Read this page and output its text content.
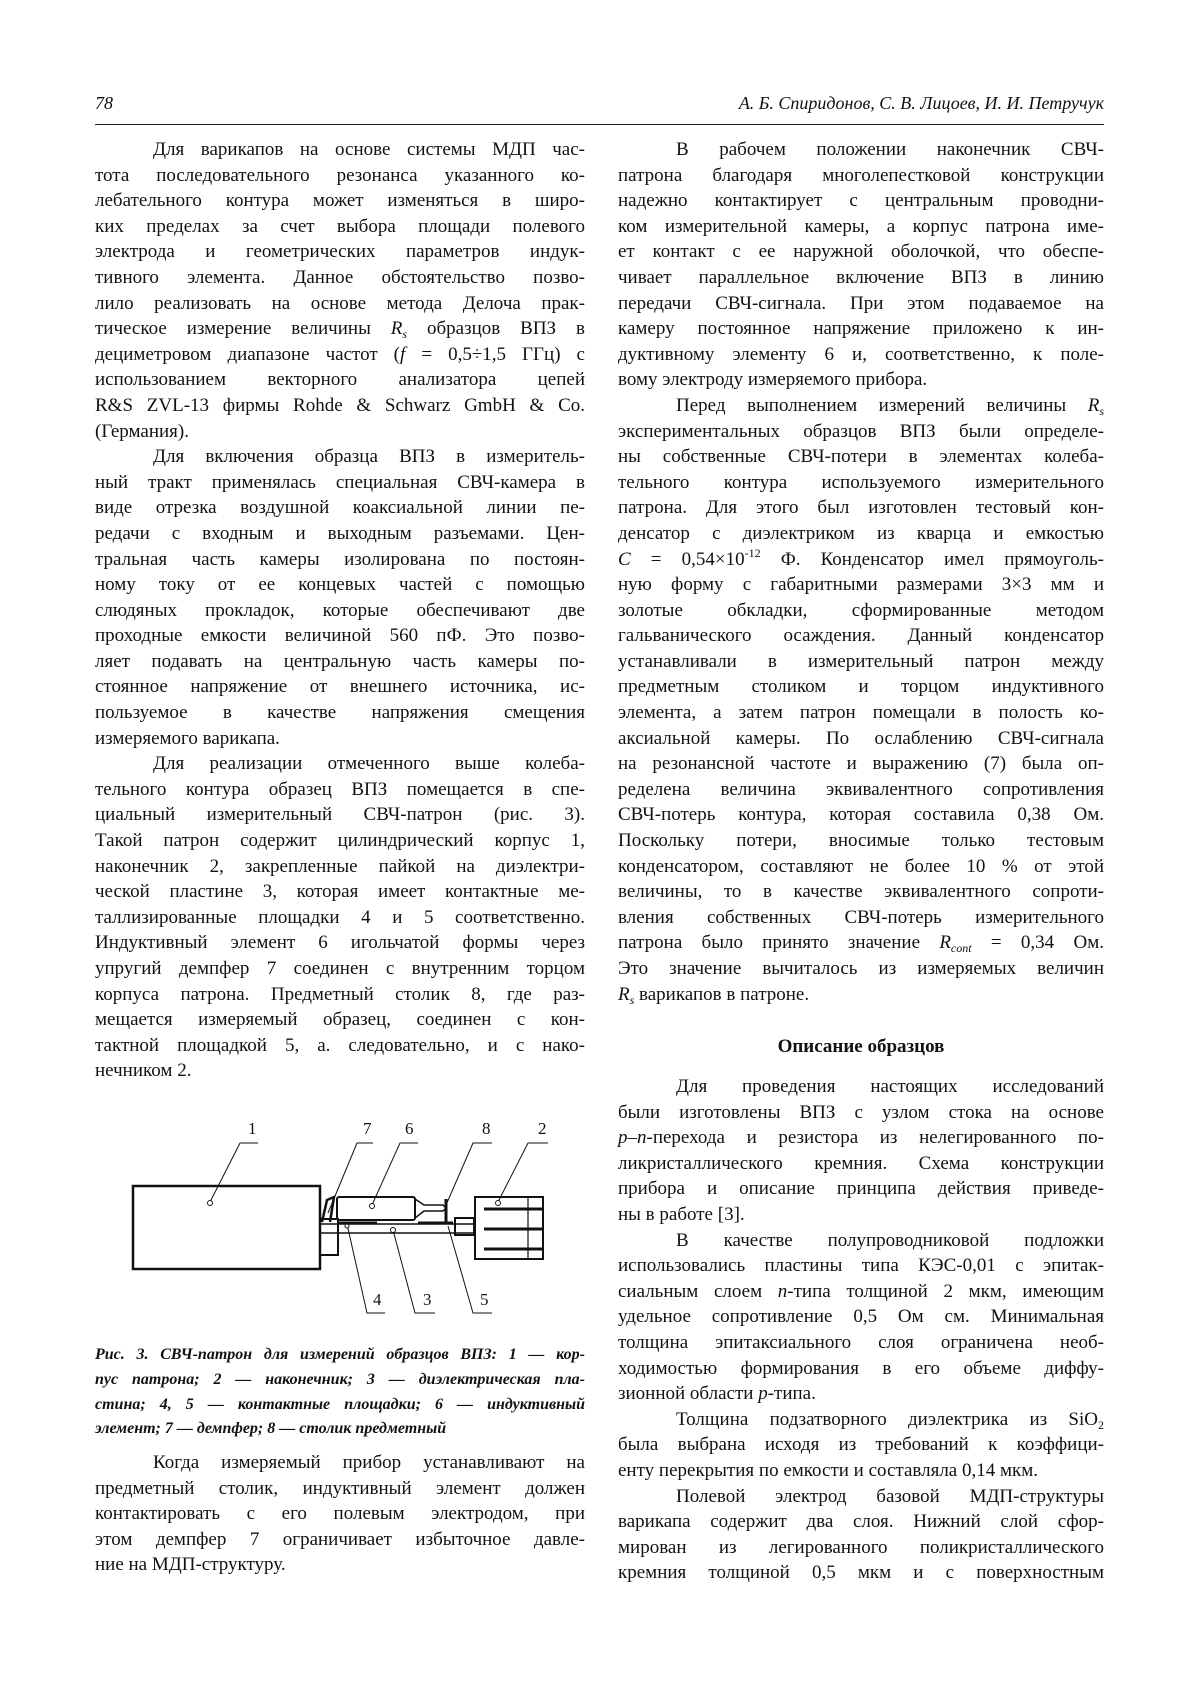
78	А. Б. Спиридонов, С. В. Лицоев, И. И. Петручук
Для варикапов на основе системы МДП час-
тота последовательного резонанса указанного ко-
лебательного контура может изменяться в широ-
ких пределах за счет выбора площади полевого
электрода и геометрических параметров индук-
тивного элемента. Данное обстоятельство позво-
лило реализовать на основе метода Делоча прак-
тическое измерение величины $R_s$ образцов ВПЗ в
дециметровом диапазоне частот (f = 0,5÷1,5 ГГц) с
использованием векторного анализатора цепей
R&S ZVL-13 фирмы Rohde & Schwarz GmbH & Co.
(Германия).
Для включения образца ВПЗ в измеритель-
ный тракт применялась специальная СВЧ-камера в
виде отрезка воздушной коаксиальной линии пе-
редачи с входным и выходным разъемами. Цен-
тральная часть камеры изолирована по постоян-
ному току от ее концевых частей с помощью
слюдяных прокладок, которые обеспечивают две
проходные емкости величиной 560 пФ. Это позво-
ляет подавать на центральную часть камеры по-
стоянное напряжение от внешнего источника, ис-
пользуемое в качестве напряжения смещения
измеряемого варикапа.
Для реализации отмеченного выше колеба-
тельного контура образец ВПЗ помещается в спе-
циальный измерительный СВЧ-патрон (рис. 3).
Такой патрон содержит цилиндрический корпус 1,
наконечник 2, закрепленные пайкой на диэлектри-
ческой пластине 3, которая имеет контактные ме-
таллизированные площадки 4 и 5 соответственно.
Индуктивный элемент 6 игольчатой формы через
упругий демпфер 7 соединен с внутренним торцом
корпуса патрона. Предметный столик 8, где раз-
мещается измеряемый образец, соединен с кон-
тактной площадкой 5, а. следовательно, и с нако-
нечником 2.
1	7 6	8	2
4 3	5
Рис. 3. СВЧ-патрон для измерений образцов ВПЗ: 1 — кор-
пус патрона; 2 — наконечник; 3 — диэлектрическая пла-
стина; 4, 5 — контактные площадки; 6 — индуктивный
элемент; 7 — демпфер; 8 — столик предметный
Когда измеряемый прибор устанавливают на
предметный столик, индуктивный элемент должен
контактировать с его полевым электродом, при
этом демпфер 7 ограничивает избыточное давле-
ние на МДП-структуру.
В рабочем положении наконечник СВЧ-
патрона благодаря многолепестковой конструкции
надежно контактирует с центральным проводни-
ком измерительной камеры, а корпус патрона име-
ет контакт с ее наружной оболочкой, что обеспе-
чивает параллельное включение ВПЗ в линию
передачи СВЧ-сигнала. При этом подаваемое на
камеру постоянное напряжение приложено к ин-
дуктивному элементу 6 и, соответственно, к поле-
вому электроду измеряемого прибора.
Перед выполнением измерений величины $R_s$
экспериментальных образцов ВПЗ были определе-
ны собственные СВЧ-потери в элементах колеба-
тельного контура используемого измерительного
патрона. Для этого был изготовлен тестовый кон-
денсатор с диэлектриком из кварца и емкостью
$C = 0,54\times 10^{-12}$ Ф. Конденсатор имел прямоуголь-
ную форму с габаритными размерами 3×3 мм и
золотые обкладки, сформированные методом
гальванического осаждения. Данный конденсатор
устанавливали в измерительный патрон между
предметным столиком и торцом индуктивного
элемента, а затем патрон помещали в полость ко-
аксиальной камеры. По ослаблению СВЧ-сигнала
на резонансной частоте и выражению (7) была оп-
ределена величина эквивалентного сопротивления
СВЧ-потерь контура, которая составила 0,38 Ом.
Поскольку потери, вносимые только тестовым
конденсатором, составляют не более 10 % от этой
величины, то в качестве эквивалентного сопроти-
вления собственных СВЧ-потерь измерительного
патрона было принято значение $R_{cont} = 0,34$ Ом.
Это значение вычиталось из измеряемых величин
$R_s$ варикапов в патроне.
Описание образцов
Для проведения настоящих исследований
были изготовлены ВПЗ с узлом стока на основе
p–n-перехода и резистора из нелегированного по-
ликристаллического кремния. Схема конструкции
прибора и описание принципа действия приведе-
ны в работе [3].
В качестве полупроводниковой подложки
использовались пластины типа КЭС-0,01 с эпитак-
сиальным слоем n-типа толщиной 2 мкм, имеющим
удельное сопротивление 0,5 Ом см. Минимальная
толщина эпитаксиального слоя ограничена необ-
ходимостью формирования в его объеме диффу-
зионной области p-типа.
Толщина подзатворного диэлектрика из SiO$_2$
была выбрана исходя из требований к коэффици-
енту перекрытия по емкости и составляла 0,14 мкм.
Полевой электрод базовой МДП-структуры
варикапа содержит два слоя. Нижний слой сфор-
мирован из легированного поликристаллического
кремния толщиной 0,5 мкм и с поверхностным
